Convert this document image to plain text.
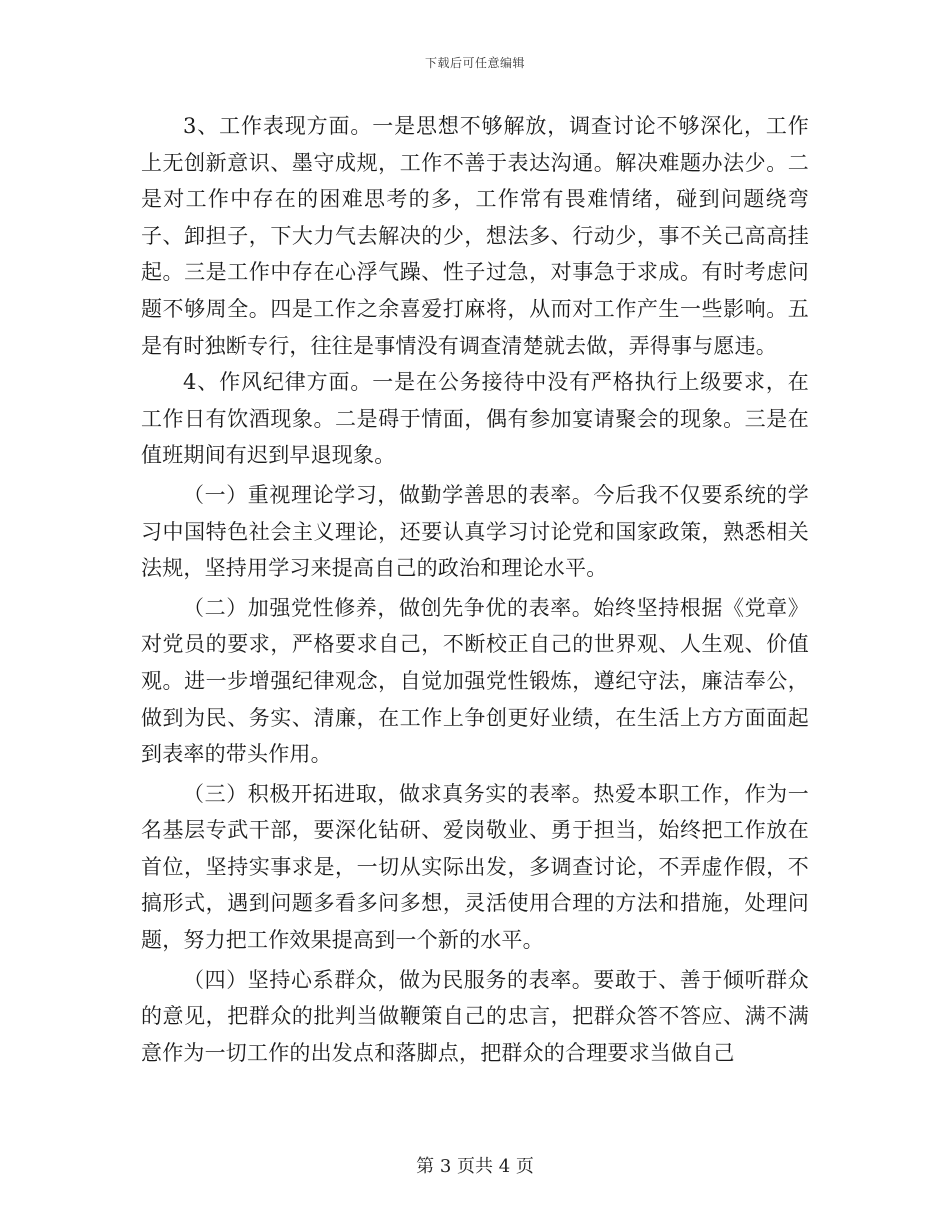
下载后可任意编辑

3、工作表现方面。一是思想不够解放，调查讨论不够深化，工作上无创新意识、墨守成规，工作不善于表达沟通。解决难题办法少。二是对工作中存在的困难思考的多，工作常有畏难情绪，碰到问题绕弯子、卸担子，下大力气去解决的少，想法多、行动少，事不关己高高挂起。三是工作中存在心浮气躁、性子过急，对事急于求成。有时考虑问题不够周全。四是工作之余喜爱打麻将，从而对工作产生一些影响。五是有时独断专行，往往是事情没有调查清楚就去做，弄得事与愿违。

4、作风纪律方面。一是在公务接待中没有严格执行上级要求，在工作日有饮酒现象。二是碍于情面，偶有参加宴请聚会的现象。三是在值班期间有迟到早退现象。

（一）重视理论学习，做勤学善思的表率。今后我不仅要系统的学习中国特色社会主义理论，还要认真学习讨论党和国家政策，熟悉相关法规，坚持用学习来提高自己的政治和理论水平。

（二）加强党性修养，做创先争优的表率。始终坚持根据《党章》对党员的要求，严格要求自己，不断校正自己的世界观、人生观、价值观。进一步增强纪律观念，自觉加强党性锻炼，遵纪守法，廉洁奉公，做到为民、务实、清廉，在工作上争创更好业绩，在生活上方方面面起到表率的带头作用。

（三）积极开拓进取，做求真务实的表率。热爱本职工作，作为一名基层专武干部，要深化钻研、爱岗敬业、勇于担当，始终把工作放在首位，坚持实事求是，一切从实际出发，多调查讨论，不弄虚作假，不搞形式，遇到问题多看多问多想，灵活使用合理的方法和措施，处理问题，努力把工作效果提高到一个新的水平。

（四）坚持心系群众，做为民服务的表率。要敢于、善于倾听群众的意见，把群众的批判当做鞭策自己的忠言，把群众答不答应、满不满意作为一切工作的出发点和落脚点，把群众的合理要求当做自己

第 3 页共 4 页
